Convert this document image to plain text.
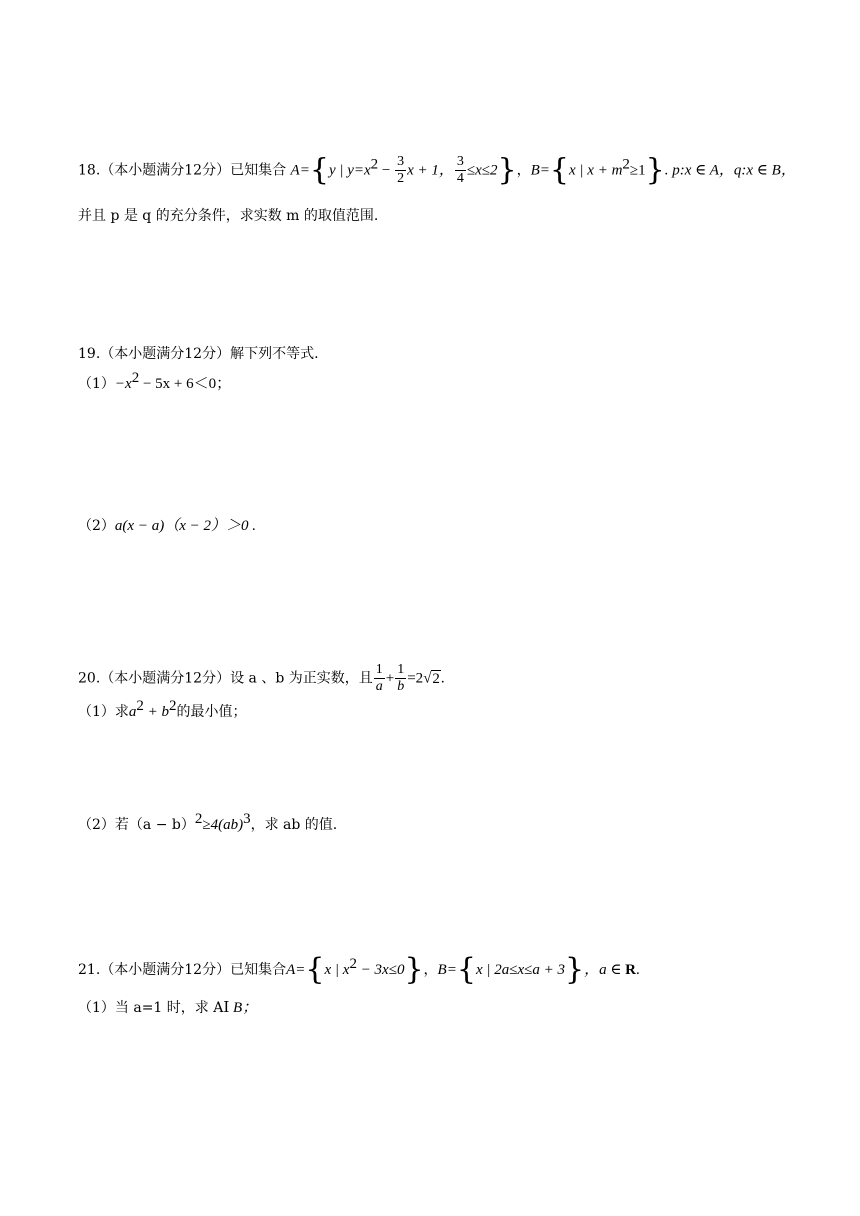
18.（本小题满分12分）已知集合 A={y | $y=x^2 - \frac{3}{2}$ x + 1， $\frac{3}{4} \le x\le 2$}，B={x | $x + m^2\ge 1$}. p:x ∈ A，q:x ∈ B，
并且 p 是 q 的充分条件，求实数 m 的取值范围.
19.（本小题满分12分）解下列不等式.
$(1)-x^2 - 5x + 6<0$；
（2）a(x − a)（x − 2）＞0 .
20.（本小题满分12分）设 a 、b 为正实数，且 $\frac{1}{a} + \frac{1}{b} =2√2$.
（1）求$a^2 + b^2$的最小值；
（2）若$(a - b)^2\ge 4(ab)^3$，求 ab 的值.
21.（本小题满分12分）已知集合A={x | $x^2 - 3x\le 0$}，B={x | 2a≤x≤a + 3}，a ∈ R.
（1）当 a=1 时，求 AⅠ B；
